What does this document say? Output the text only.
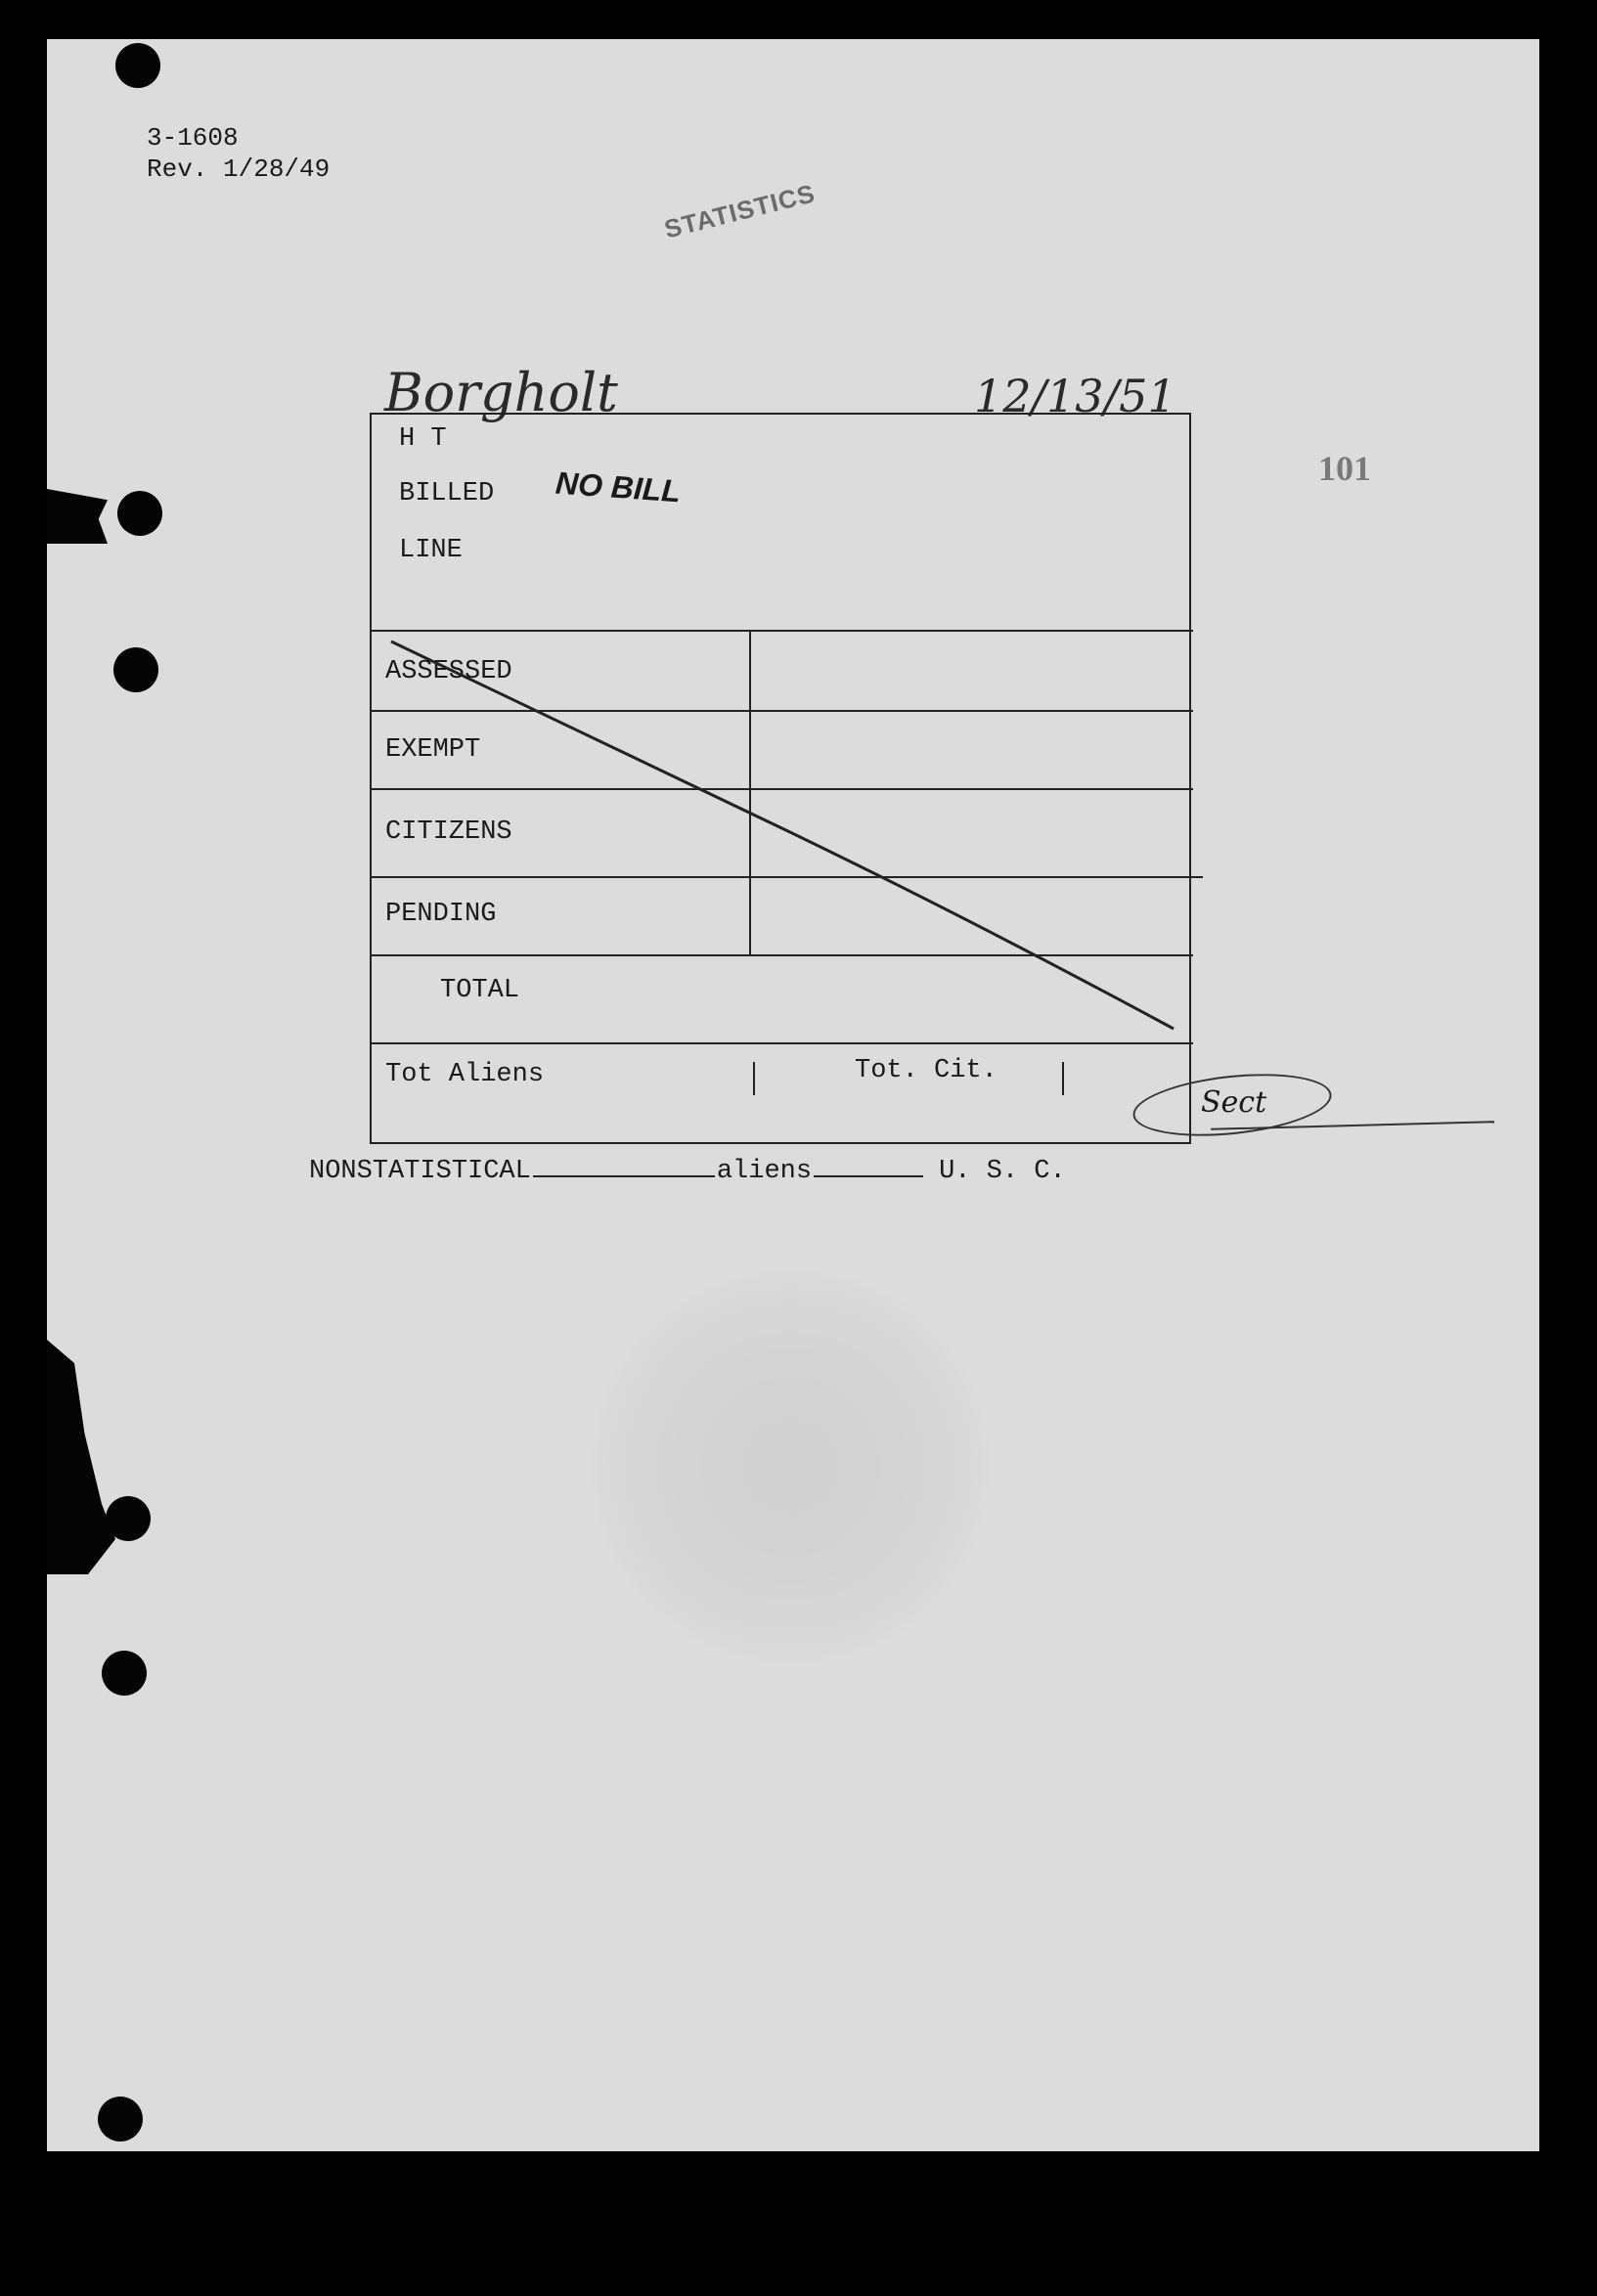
3-1608
Rev. 1/28/49
STATISTICS
Borgholt	12/13/51
101
H T
BILLED NO BILL
LINE
ASSESSED
EXEMPT
CITIZENS
PENDING
TOTAL
Tot Aliens	Tot. Cit.
Sect
NONSTATISTICAL	aliens	U. S. C.
